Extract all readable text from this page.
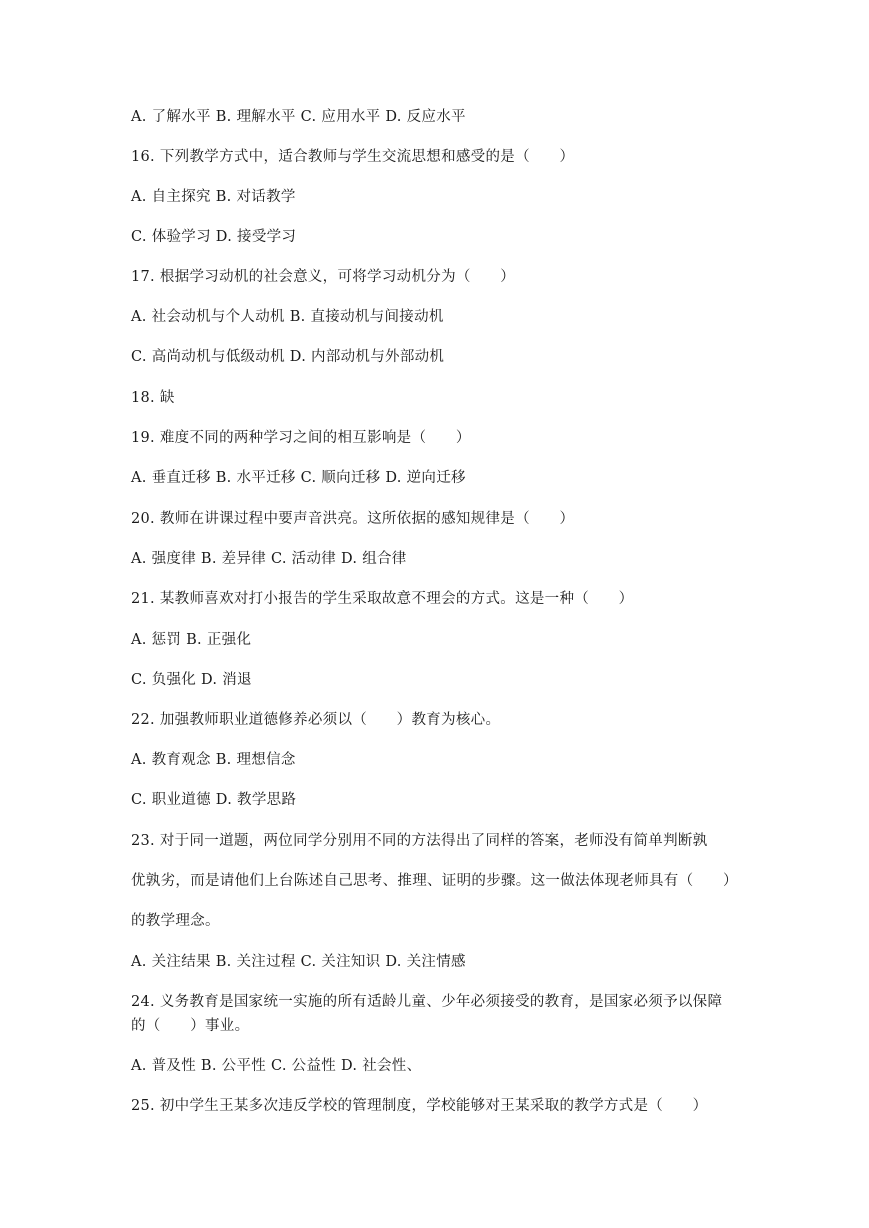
A. 了解水平 B. 理解水平 C. 应用水平 D. 反应水平
16. 下列教学方式中，适合教师与学生交流思想和感受的是（　　）
A. 自主探究 B. 对话教学
C. 体验学习 D. 接受学习
17. 根据学习动机的社会意义，可将学习动机分为（　　）
A. 社会动机与个人动机 B. 直接动机与间接动机
C. 高尚动机与低级动机 D. 内部动机与外部动机
18. 缺
19. 难度不同的两种学习之间的相互影响是（　　）
A. 垂直迁移 B. 水平迁移 C. 顺向迁移 D. 逆向迁移
20. 教师在讲课过程中要声音洪亮。这所依据的感知规律是（　　）
A. 强度律 B. 差异律 C. 活动律 D. 组合律
21. 某教师喜欢对打小报告的学生采取故意不理会的方式。这是一种（　　）
A. 惩罚 B. 正强化
C. 负强化 D. 消退
22. 加强教师职业道德修养必须以（　　）教育为核心。
A. 教育观念 B. 理想信念
C. 职业道德 D. 教学思路
23. 对于同一道题，两位同学分别用不同的方法得出了同样的答案，老师没有简单判断孰
优孰劣，而是请他们上台陈述自己思考、推理、证明的步骤。这一做法体现老师具有（　　）
的教学理念。
A. 关注结果 B. 关注过程 C. 关注知识 D. 关注情感
24. 义务教育是国家统一实施的所有适龄儿童、少年必须接受的教育，是国家必须予以保障
的（　　）事业。
A. 普及性 B. 公平性 C. 公益性 D. 社会性、
25. 初中学生王某多次违反学校的管理制度，学校能够对王某采取的教学方式是（　　）
